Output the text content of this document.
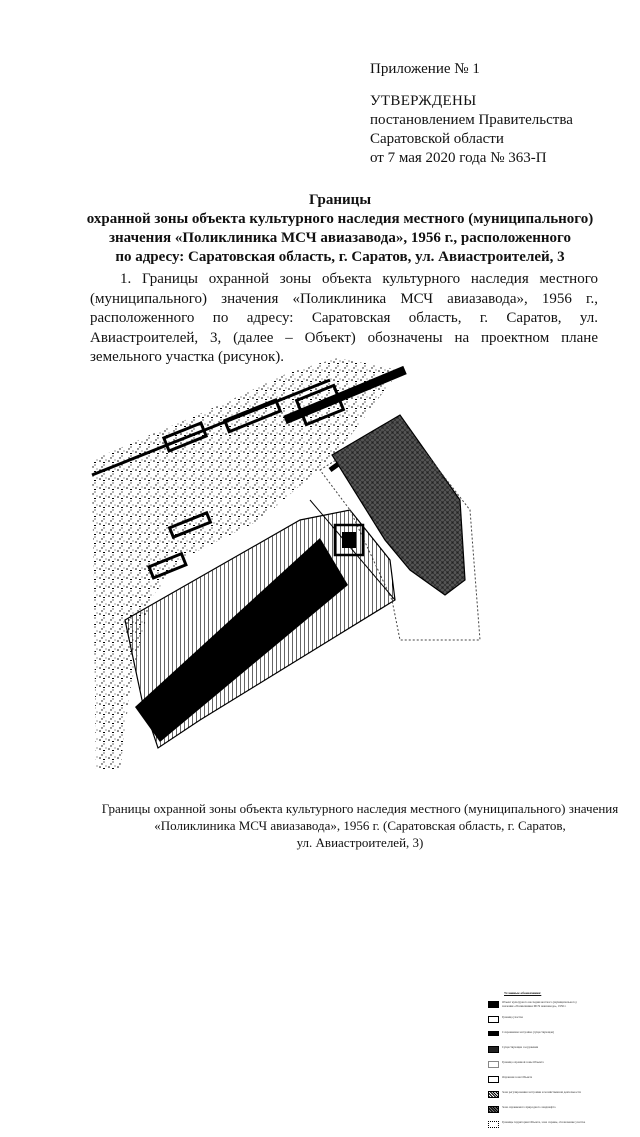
Приложение № 1
УТВЕРЖДЕНЫ
постановлением Правительства
Саратовской области
от 7 мая 2020 года № 363-П
Границы
охранной зоны объекта культурного наследия местного (муниципального)
значения «Поликлиника МСЧ авиазавода», 1956 г., расположенного
по адресу: Саратовская область, г. Саратов, ул. Авиастроителей, 3
1. Границы охранной зоны объекта культурного наследия местного (муниципального) значения «Поликлиника МСЧ авиазавода», 1956 г., расположенного по адресу: Саратовская область, г. Саратов, ул. Авиастроителей, 3, (далее – Объект) обозначены на проектном плане земельного участка (рисунок).
Условные обозначения:
Объект культурного наследия местного (муниципального) значения «Поликлиника МСЧ авиазавода», 1956 г.
Граница участка
Сохраняемая застройка (существующая)
Существующие сооружения
Граница охранной зоны Объекта
Охранная зона Объекта
Зона регулирования застройки и хозяйственной деятельности
Зона охраняемого природного ландшафта
Границы территории Объекта, зона охраны, обозначение участка
Границы охранной зоны объекта культурного наследия местного (муниципального) значения
«Поликлиника МСЧ авиазавода», 1956 г. (Саратовская область, г. Саратов,
ул. Авиастроителей, 3)
